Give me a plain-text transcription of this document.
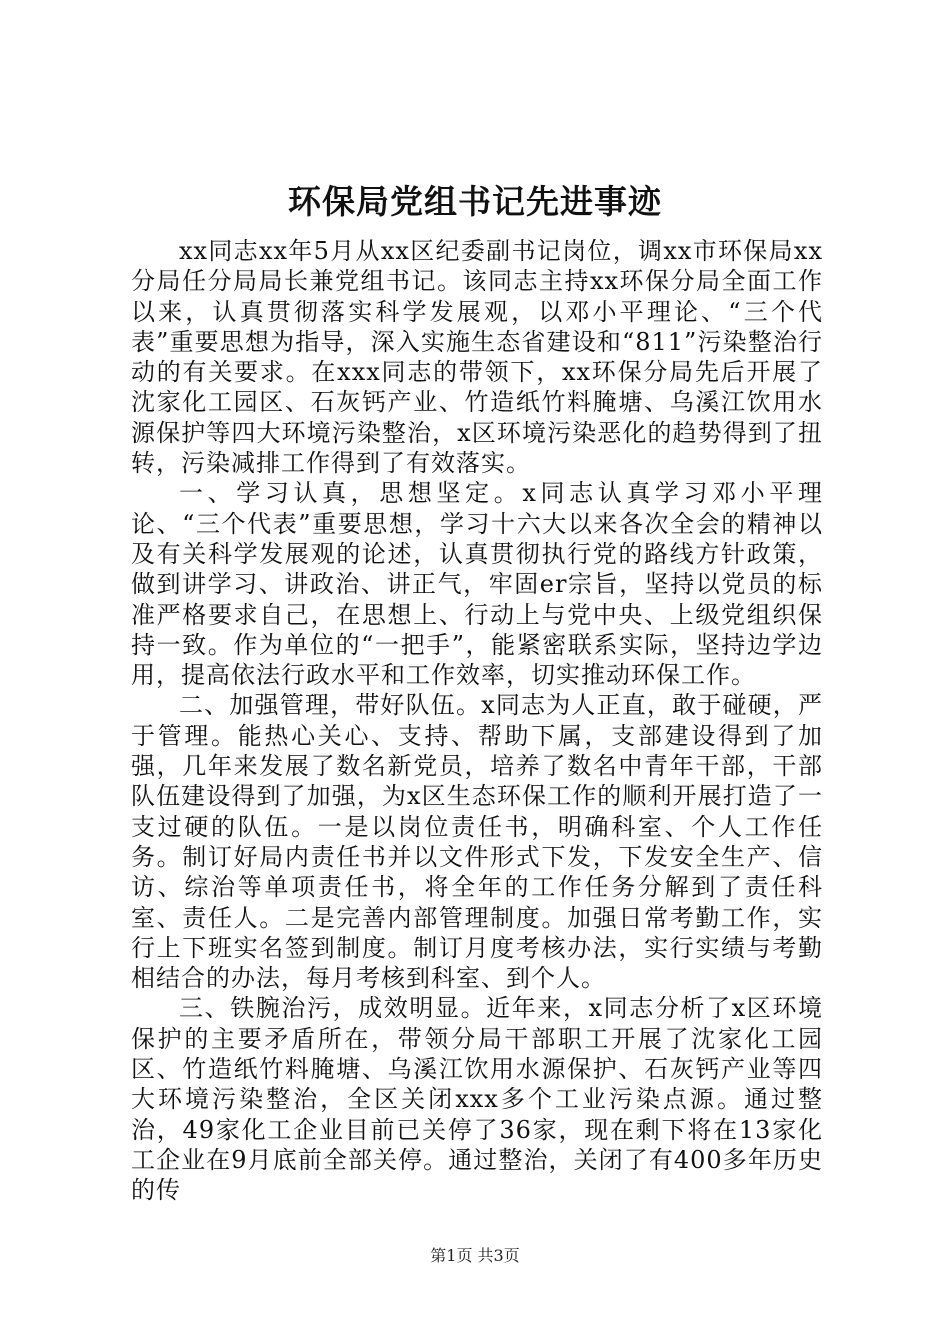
环保局党组书记先进事迹

xx同志xx年5月从xx区纪委副书记岗位，调xx市环保局xx分局任分局局长兼党组书记。该同志主持xx环保分局全面工作以来，认真贯彻落实科学发展观，以邓小平理论、“三个代表”重要思想为指导，深入实施生态省建设和“811”污染整治行动的有关要求。在xxx同志的带领下，xx环保分局先后开展了沈家化工园区、石灰钙产业、竹造纸竹料腌塘、乌溪江饮用水源保护等四大环境污染整治，x区环境污染恶化的趋势得到了扭转，污染减排工作得到了有效落实。

一、学习认真，思想坚定。x同志认真学习邓小平理论、“三个代表”重要思想，学习十六大以来各次全会的精神以及有关科学发展观的论述，认真贯彻执行党的路线方针政策，做到讲学习、讲政治、讲正气，牢固er宗旨，坚持以党员的标准严格要求自己，在思想上、行动上与党中央、上级党组织保持一致。作为单位的“一把手”，能紧密联系实际，坚持边学边用，提高依法行政水平和工作效率，切实推动环保工作。

二、加强管理，带好队伍。x同志为人正直，敢于碰硬，严于管理。能热心关心、支持、帮助下属，支部建设得到了加强，几年来发展了数名新党员，培养了数名中青年干部，干部队伍建设得到了加强，为x区生态环保工作的顺利开展打造了一支过硬的队伍。一是以岗位责任书，明确科室、个人工作任务。制订好局内责任书并以文件形式下发，下发安全生产、信访、综治等单项责任书，将全年的工作任务分解到了责任科室、责任人。二是完善内部管理制度。加强日常考勤工作，实行上下班实名签到制度。制订月度考核办法，实行实绩与考勤相结合的办法，每月考核到科室、到个人。

三、铁腕治污，成效明显。近年来，x同志分析了x区环境保护的主要矛盾所在，带领分局干部职工开展了沈家化工园区、竹造纸竹料腌塘、乌溪江饮用水源保护、石灰钙产业等四大环境污染整治，全区关闭xxx多个工业污染点源。通过整治，49家化工企业目前已关停了36家，现在剩下将在13家化工企业在9月底前全部关停。通过整治，关闭了有400多年历史的传

第1页 共3页
